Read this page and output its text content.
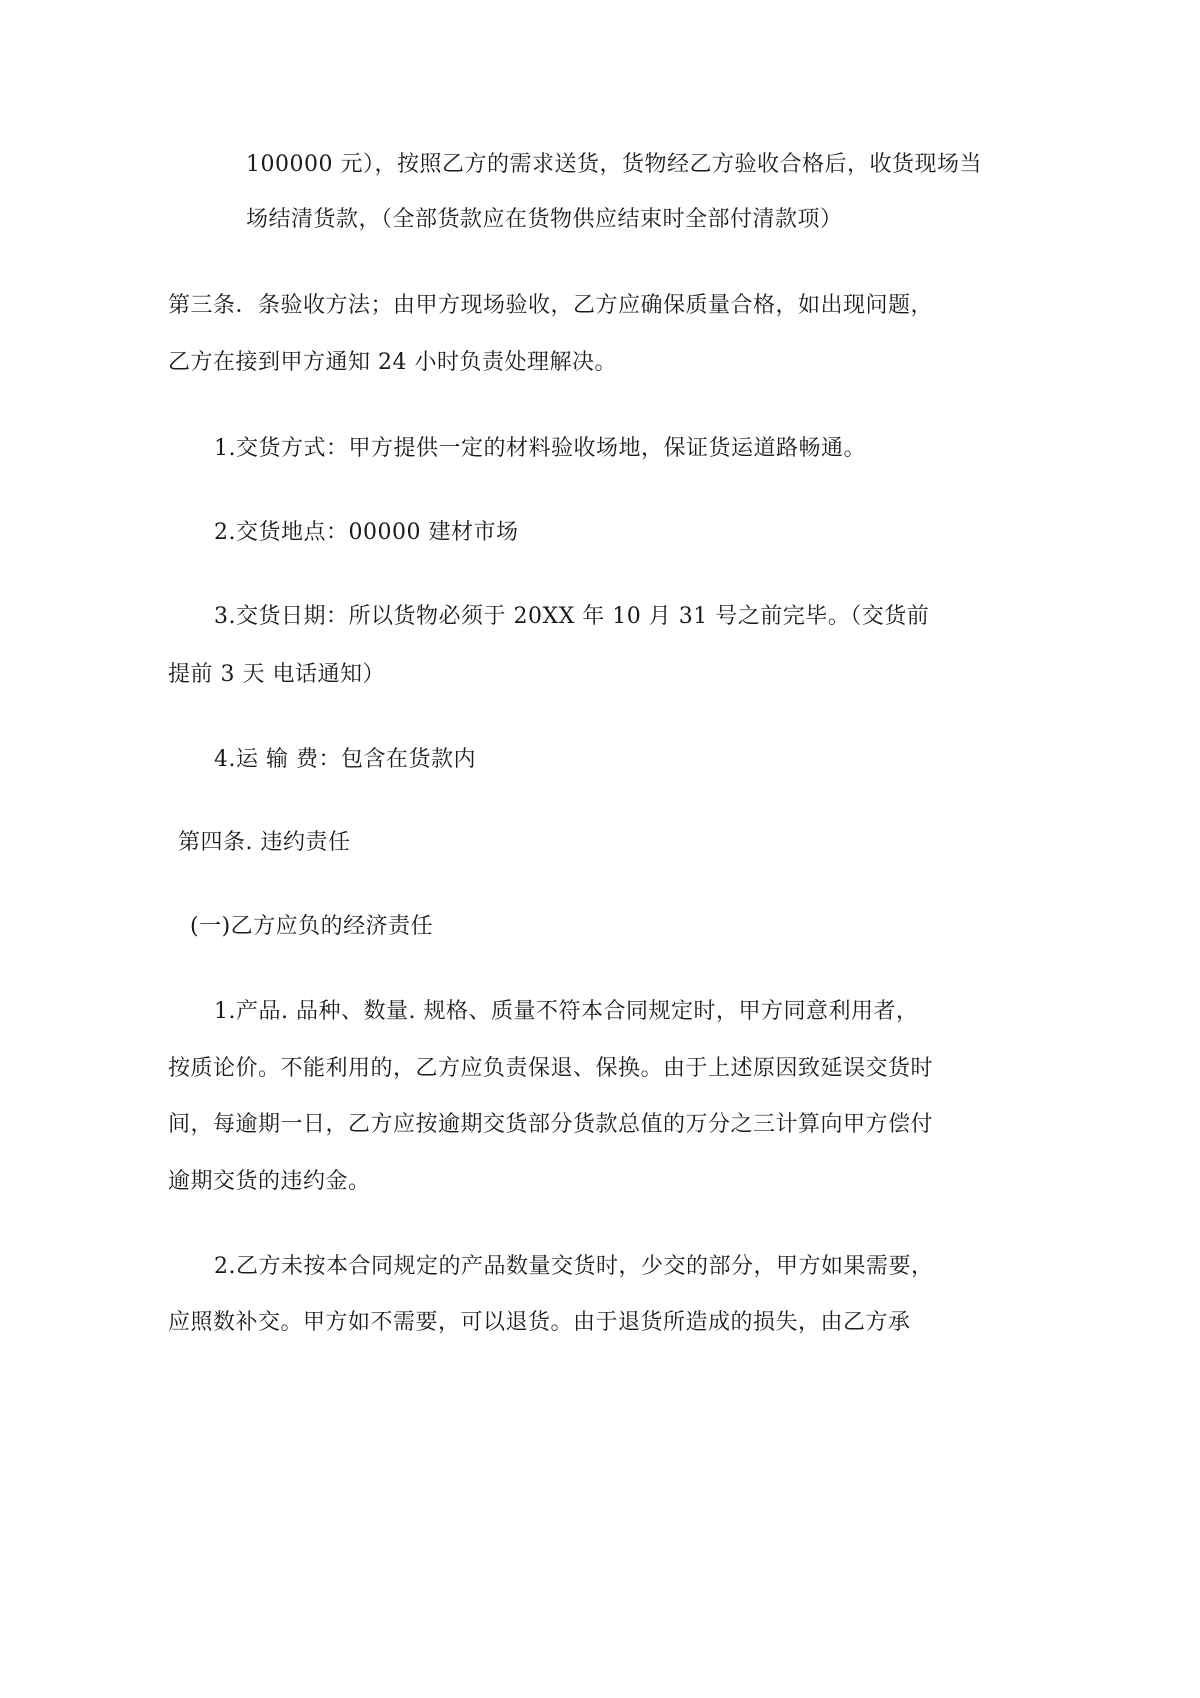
100000 元），按照乙方的需求送货，货物经乙方验收合格后，收货现场当
场结清货款，（全部货款应在货物供应结束时全部付清款项）
第三条．条验收方法；由甲方现场验收，乙方应确保质量合格，如出现问题，
乙方在接到甲方通知 24 小时负责处理解决。
1.交货方式：甲方提供一定的材料验收场地，保证货运道路畅通。
2.交货地点：00000 建材市场
3.交货日期：所以货物必须于 20XX 年 10 月 31 号之前完毕。（交货前
提前 3 天 电话通知）
4.运 输 费：包含在货款内
第四条. 违约责任
(一)乙方应负的经济责任
1.产品. 品种、数量. 规格、质量不符本合同规定时，甲方同意利用者，
按质论价。不能利用的，乙方应负责保退、保换。由于上述原因致延误交货时
间，每逾期一日，乙方应按逾期交货部分货款总值的万分之三计算向甲方偿付
逾期交货的违约金。
2.乙方未按本合同规定的产品数量交货时，少交的部分，甲方如果需要，
应照数补交。甲方如不需要，可以退货。由于退货所造成的损失，由乙方承
